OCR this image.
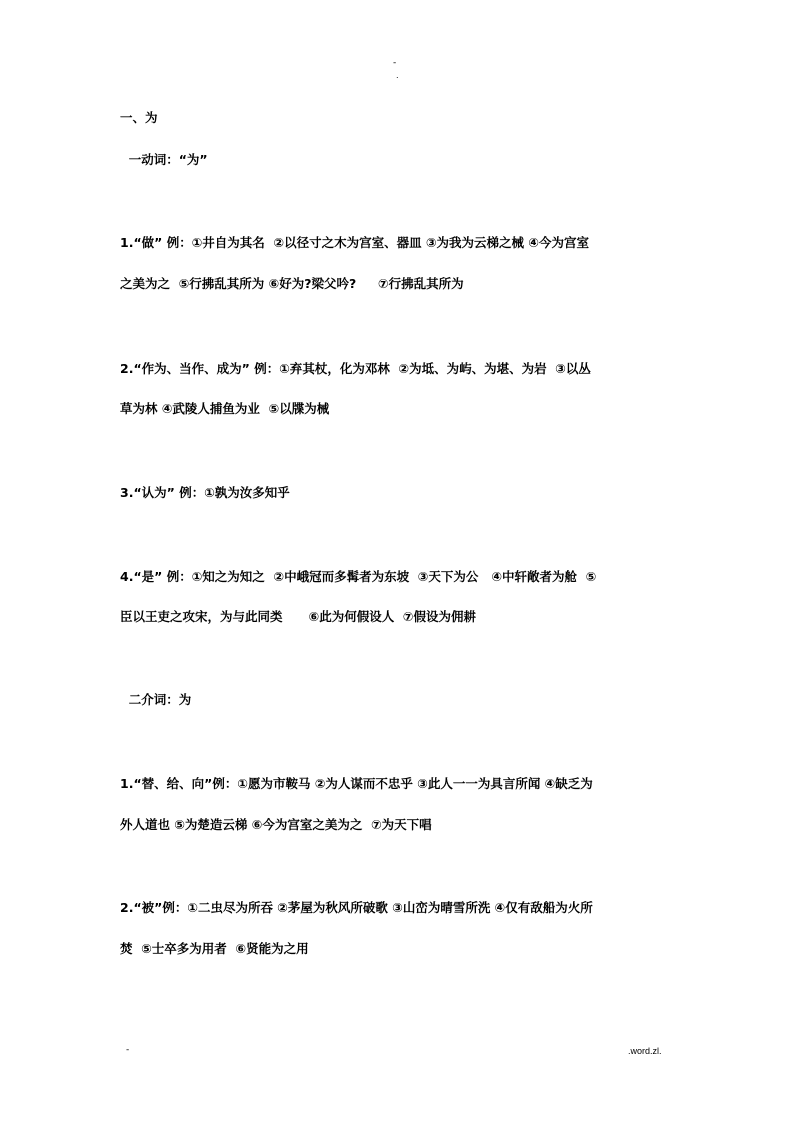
-
.
一、为
一动词：“为”
1.“做” 例：①井自为其名  ②以径寸之木为宫室、器皿 ③为我为云梯之械 ④今为宫室
之美为之  ⑤行拂乱其所为 ⑥好为?梁父吟?     ⑦行拂乱其所为
2.“作为、当作、成为” 例：①弃其杖，化为邓林  ②为坻、为屿、为堪、为岩  ③以丛
草为林 ④武陵人捕鱼为业  ⑤以牒为械
3.“认为” 例：①孰为汝多知乎
4.“是” 例：①知之为知之  ②中峨冠而多髯者为东坡  ③天下为公   ④中轩敞者为舱  ⑤
臣以王吏之攻宋，为与此同类      ⑥此为何假设人  ⑦假设为佣耕
二介词：为
1.“替、给、向”例：①愿为市鞍马 ②为人谋而不忠乎 ③此人一一为具言所闻 ④缺乏为
外人道也 ⑤为楚造云梯 ⑥今为宫室之美为之  ⑦为天下唱
2.“被”例：①二虫尽为所吞 ②茅屋为秋风所破歌 ③山峦为晴雪所洗 ④仅有敌船为火所
焚  ⑤士卒多为用者  ⑥贤能为之用
-	.word.zl.
